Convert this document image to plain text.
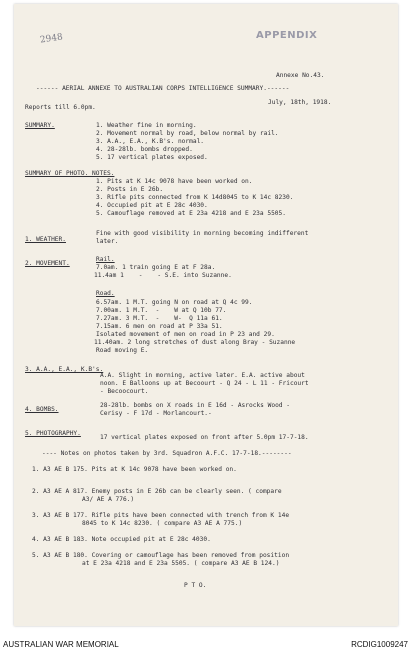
2948	APPENDIX
Annexe No.43.
------ AERIAL ANNEXE TO AUSTRALIAN CORPS INTELLIGENCE SUMMARY.------
July, 18th, 1918.
Reports till 6.0pm.
SUMMARY.	1. Weather fine in morning.
2. Movement normal by road, below normal by rail.
3. A.A., E.A., K.B's. normal.
4. 28-28lb. bombs dropped.
5. 17 vertical plates exposed.
SUMMARY OF PHOTO. NOTES.
1. Pits at K 14c 9078 have been worked on.
2. Posts in E 26b.
3. Rifle pits connected from K 14d8045 to K 14c 8230.
4. Occupied pit at E 28c 4030.
5. Camouflage removed at E 23a 4218 and E 23a 5505.
1. WEATHER.
Fine with good visibility in morning becoming indifferent
later.
2. MOVEMENT.
Rail.
7.0am. 1 train going E at F 28a.
11.4am 1    -    - S.E. into Suzanne.
Road.
6.57am. 1 M.T. going N on road at Q 4c 99.
7.00am. 1 M.T.  -    W at Q 10b 77.
7.27am. 3 M.T.  -    W-  Q 11a 61.
7.15am. 6 men on road at P 33a 51.
Isolated movement of men on road in P 23 and 29.
11.40am. 2 long stretches of dust along Bray - Suzanne
Road moving E.
3. A.A., E.A., K.B's.
A.A. Slight in morning, active later. E.A. active about
noon. E Balloons up at Becoourt - Q 24 - L 11 - Fricourt
- Becoocourt.
4. BOMBS.
28-28lb. bombs on X roads in E 16d - Asrocks Wood -
Cerisy - F 17d - Morlancourt.-
5. PHOTOGRAPHY.
17 vertical plates exposed on front after 5.0pm 17-7-18.
---- Notes on photos taken by 3rd. Squadron A.F.C. 17-7-18.--------
1. A3 AE B 175. Pits at K 14c 9078 have been worked on.
2. A3 AE A 817. Enemy posts in E 26b can be clearly seen. ( compare
A3/ AE A 776.)
3. A3 AE B 177. Rifle pits have been connected with trench from K 14e
8045 to K 14c 8230. ( compare A3 AE A 775.)
4. A3 AE B 183. Note occupied pit at E 28c 4030.
5. A3 AE B 180. Covering or camouflage has been removed from position
at E 23a 4218 and E 23a 5505. ( compare A3 AE B 124.)
P T O.
AUSTRALIAN WAR MEMORIAL	RCDIG1009247
